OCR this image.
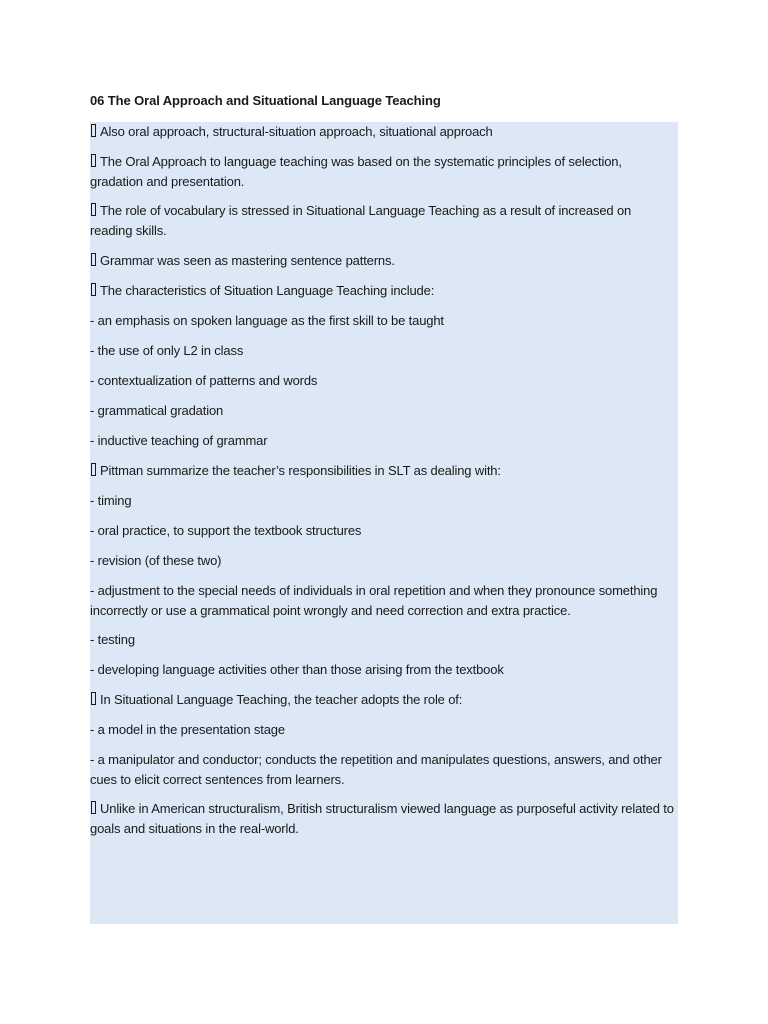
06 The Oral Approach and Situational Language Teaching
Also oral approach, structural-situation approach, situational approach
The Oral Approach to language teaching was based on the systematic principles of selection, gradation and presentation.
The role of vocabulary is stressed in Situational Language Teaching as a result of increased on reading skills.
Grammar was seen as mastering sentence patterns.
The characteristics of Situation Language Teaching include:
- an emphasis on spoken language as the first skill to be taught
- the use of only L2 in class
- contextualization of patterns and words
- grammatical gradation
- inductive teaching of grammar
Pittman summarize the teacher’s responsibilities in SLT as dealing with:
- timing
- oral practice, to support the textbook structures
- revision (of these two)
- adjustment to the special needs of individuals in oral repetition and when they pronounce something incorrectly or use a grammatical point wrongly and need correction and extra practice.
- testing
- developing language activities other than those arising from the textbook
In Situational Language Teaching, the teacher adopts the role of:
- a model in the presentation stage
- a manipulator and conductor; conducts the repetition and manipulates questions, answers, and other cues to elicit correct sentences from learners.
Unlike in American structuralism, British structuralism viewed language as purposeful activity related to goals and situations in the real-world.
